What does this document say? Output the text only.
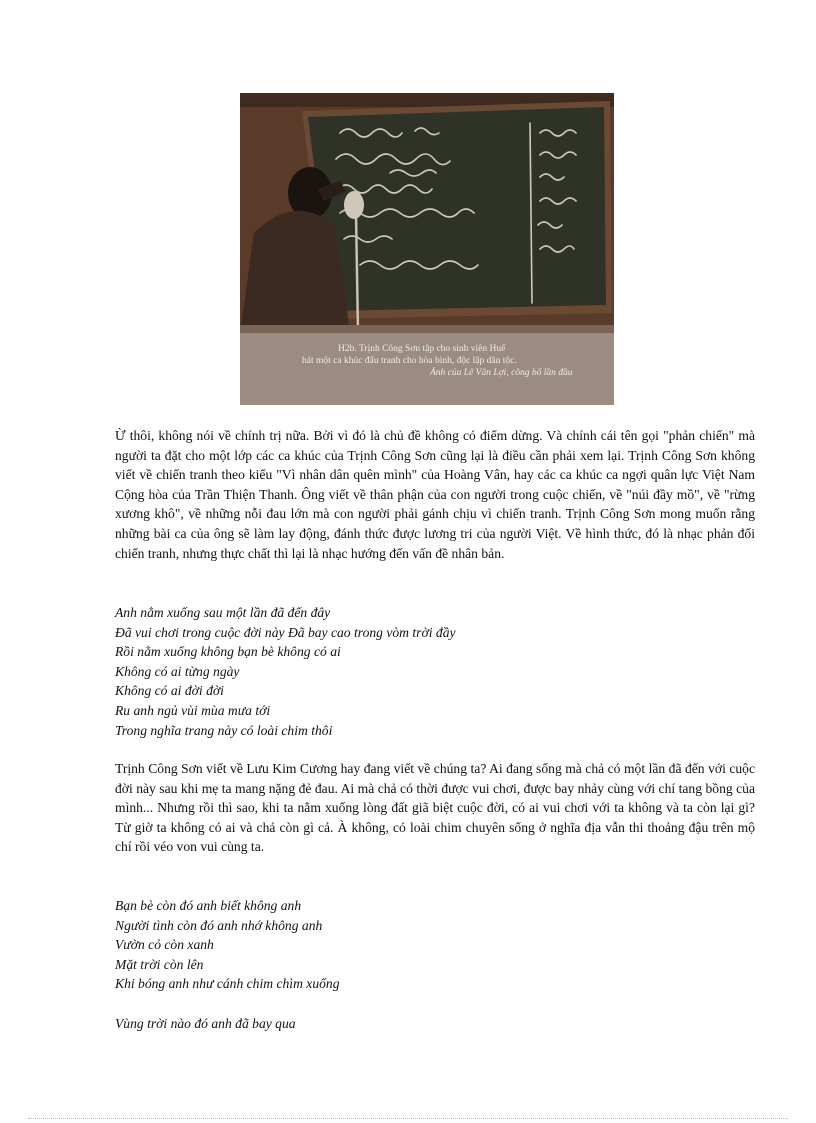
H2b. Trịnh Công Sơn tập cho sinh viên Huế
hát một ca khúc đấu tranh cho hòa bình, độc lập dân tộc.
Ảnh của Lê Văn Lợi, công bố lần đầu

Ừ thôi, không nói về chính trị nữa. Bởi vì đó là chủ đề không có điểm dừng. Và chính cái tên gọi "phản chiến" mà người ta đặt cho một lớp các ca khúc của Trịnh Công Sơn cũng lại là điều cần phải xem lại. Trịnh Công Sơn không viết về chiến tranh theo kiểu "Vì nhân dân quên mình" của Hoàng Vân, hay các ca khúc ca ngợi quân lực Việt Nam Cộng hòa của Trần Thiện Thanh. Ông viết về thân phận của con người trong cuộc chiến, về "núi đầy mồ", về "rừng xương khô", về những nỗi đau lớn mà con người phải gánh chịu vì chiến tranh. Trịnh Công Sơn mong muốn rằng những bài ca của ông sẽ làm lay động, đánh thức được lương tri của người Việt. Về hình thức, đó là nhạc phản đối chiến tranh, nhưng thực chất thì lại là nhạc hướng đến vấn đề nhân bản.

Anh nằm xuống sau một lần đã đến đây
Đã vui chơi trong cuộc đời này Đã bay cao trong vòm trời đầy
Rồi nằm xuống không bạn bè không có ai
Không có ai từng ngày
Không có ai đời đời
Ru anh ngủ vùi mùa mưa tới
Trong nghĩa trang này có loài chim thôi

Trịnh Công Sơn viết về Lưu Kim Cương hay đang viết về chúng ta? Ai đang sống mà chả có một lần đã đến với cuộc đời này sau khi mẹ ta mang nặng đẻ đau. Ai mà chả có thời được vui chơi, được bay nhảy cùng với chí tang bồng của mình... Nhưng rồi thì sao, khi ta nằm xuống lòng đất giã biệt cuộc đời, có ai vui chơi với ta không và ta còn lại gì? Từ giờ ta không có ai và chả còn gì cả. À không, có loài chim chuyên sống ở nghĩa địa vẫn thi thoảng đậu trên mộ chí rồi véo von vui cùng ta.

Bạn bè còn đó anh biết không anh
Người tình còn đó anh nhớ không anh
Vườn cỏ còn xanh
Mặt trời còn lên
Khi bóng anh như cánh chim chìm xuống
Vùng trời nào đó anh đã bay qua
